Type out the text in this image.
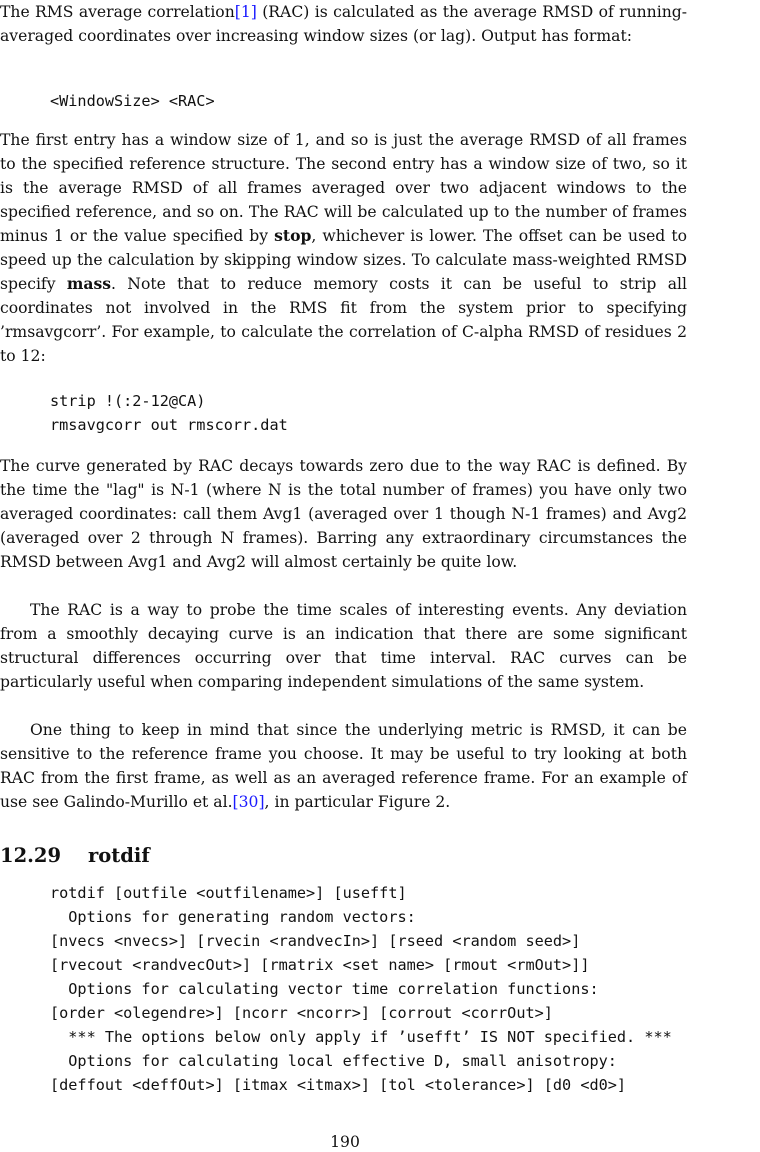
The RMS average correlation[1] (RAC) is calculated as the average RMSD of running-averaged coordinates over increasing window sizes (or lag). Output has format:

<WindowSize> <RAC>

The first entry has a window size of 1, and so is just the average RMSD of all frames to the specified reference structure. The second entry has a window size of two, so it is the average RMSD of all frames averaged over two adjacent windows to the specified reference, and so on. The RAC will be calculated up to the number of frames minus 1 or the value specified by stop, whichever is lower. The offset can be used to speed up the calculation by skipping window sizes. To calculate mass-weighted RMSD specify mass. Note that to reduce memory costs it can be useful to strip all coordinates not involved in the RMS fit from the system prior to specifying ’rmsavgcorr’. For example, to calculate the correlation of C-alpha RMSD of residues 2 to 12:

strip !(:2-12@CA)
rmsavgcorr out rmscorr.dat

The curve generated by RAC decays towards zero due to the way RAC is defined. By the time the "lag" is N-1 (where N is the total number of frames) you have only two averaged coordinates: call them Avg1 (averaged over 1 though N-1 frames) and Avg2 (averaged over 2 through N frames). Barring any extraordinary circumstances the RMSD between Avg1 and Avg2 will almost certainly be quite low.

The RAC is a way to probe the time scales of interesting events. Any deviation from a smoothly decaying curve is an indication that there are some significant structural differences occurring over that time interval. RAC curves can be particularly useful when comparing independent simulations of the same system.

One thing to keep in mind that since the underlying metric is RMSD, it can be sensitive to the reference frame you choose. It may be useful to try looking at both RAC from the first frame, as well as an averaged reference frame. For an example of use see Galindo-Murillo et al.[30], in particular Figure 2.

12.29 rotdif
rotdif [outfile <outfilename>] [usefft]
Options for generating random vectors:
[nvecs <nvecs>] [rvecin <randvecIn>] [rseed <random seed>]
[rvecout <randvecOut>] [rmatrix <set name> [rmout <rmOut>]]
Options for calculating vector time correlation functions:
[order <olegendre>] [ncorr <ncorr>] [corrout <corrOut>]
*** The options below only apply if ’usefft’ IS NOT specified. ***
Options for calculating local effective D, small anisotropy:
[deffout <deffOut>] [itmax <itmax>] [tol <tolerance>] [d0 <d0>]
190
